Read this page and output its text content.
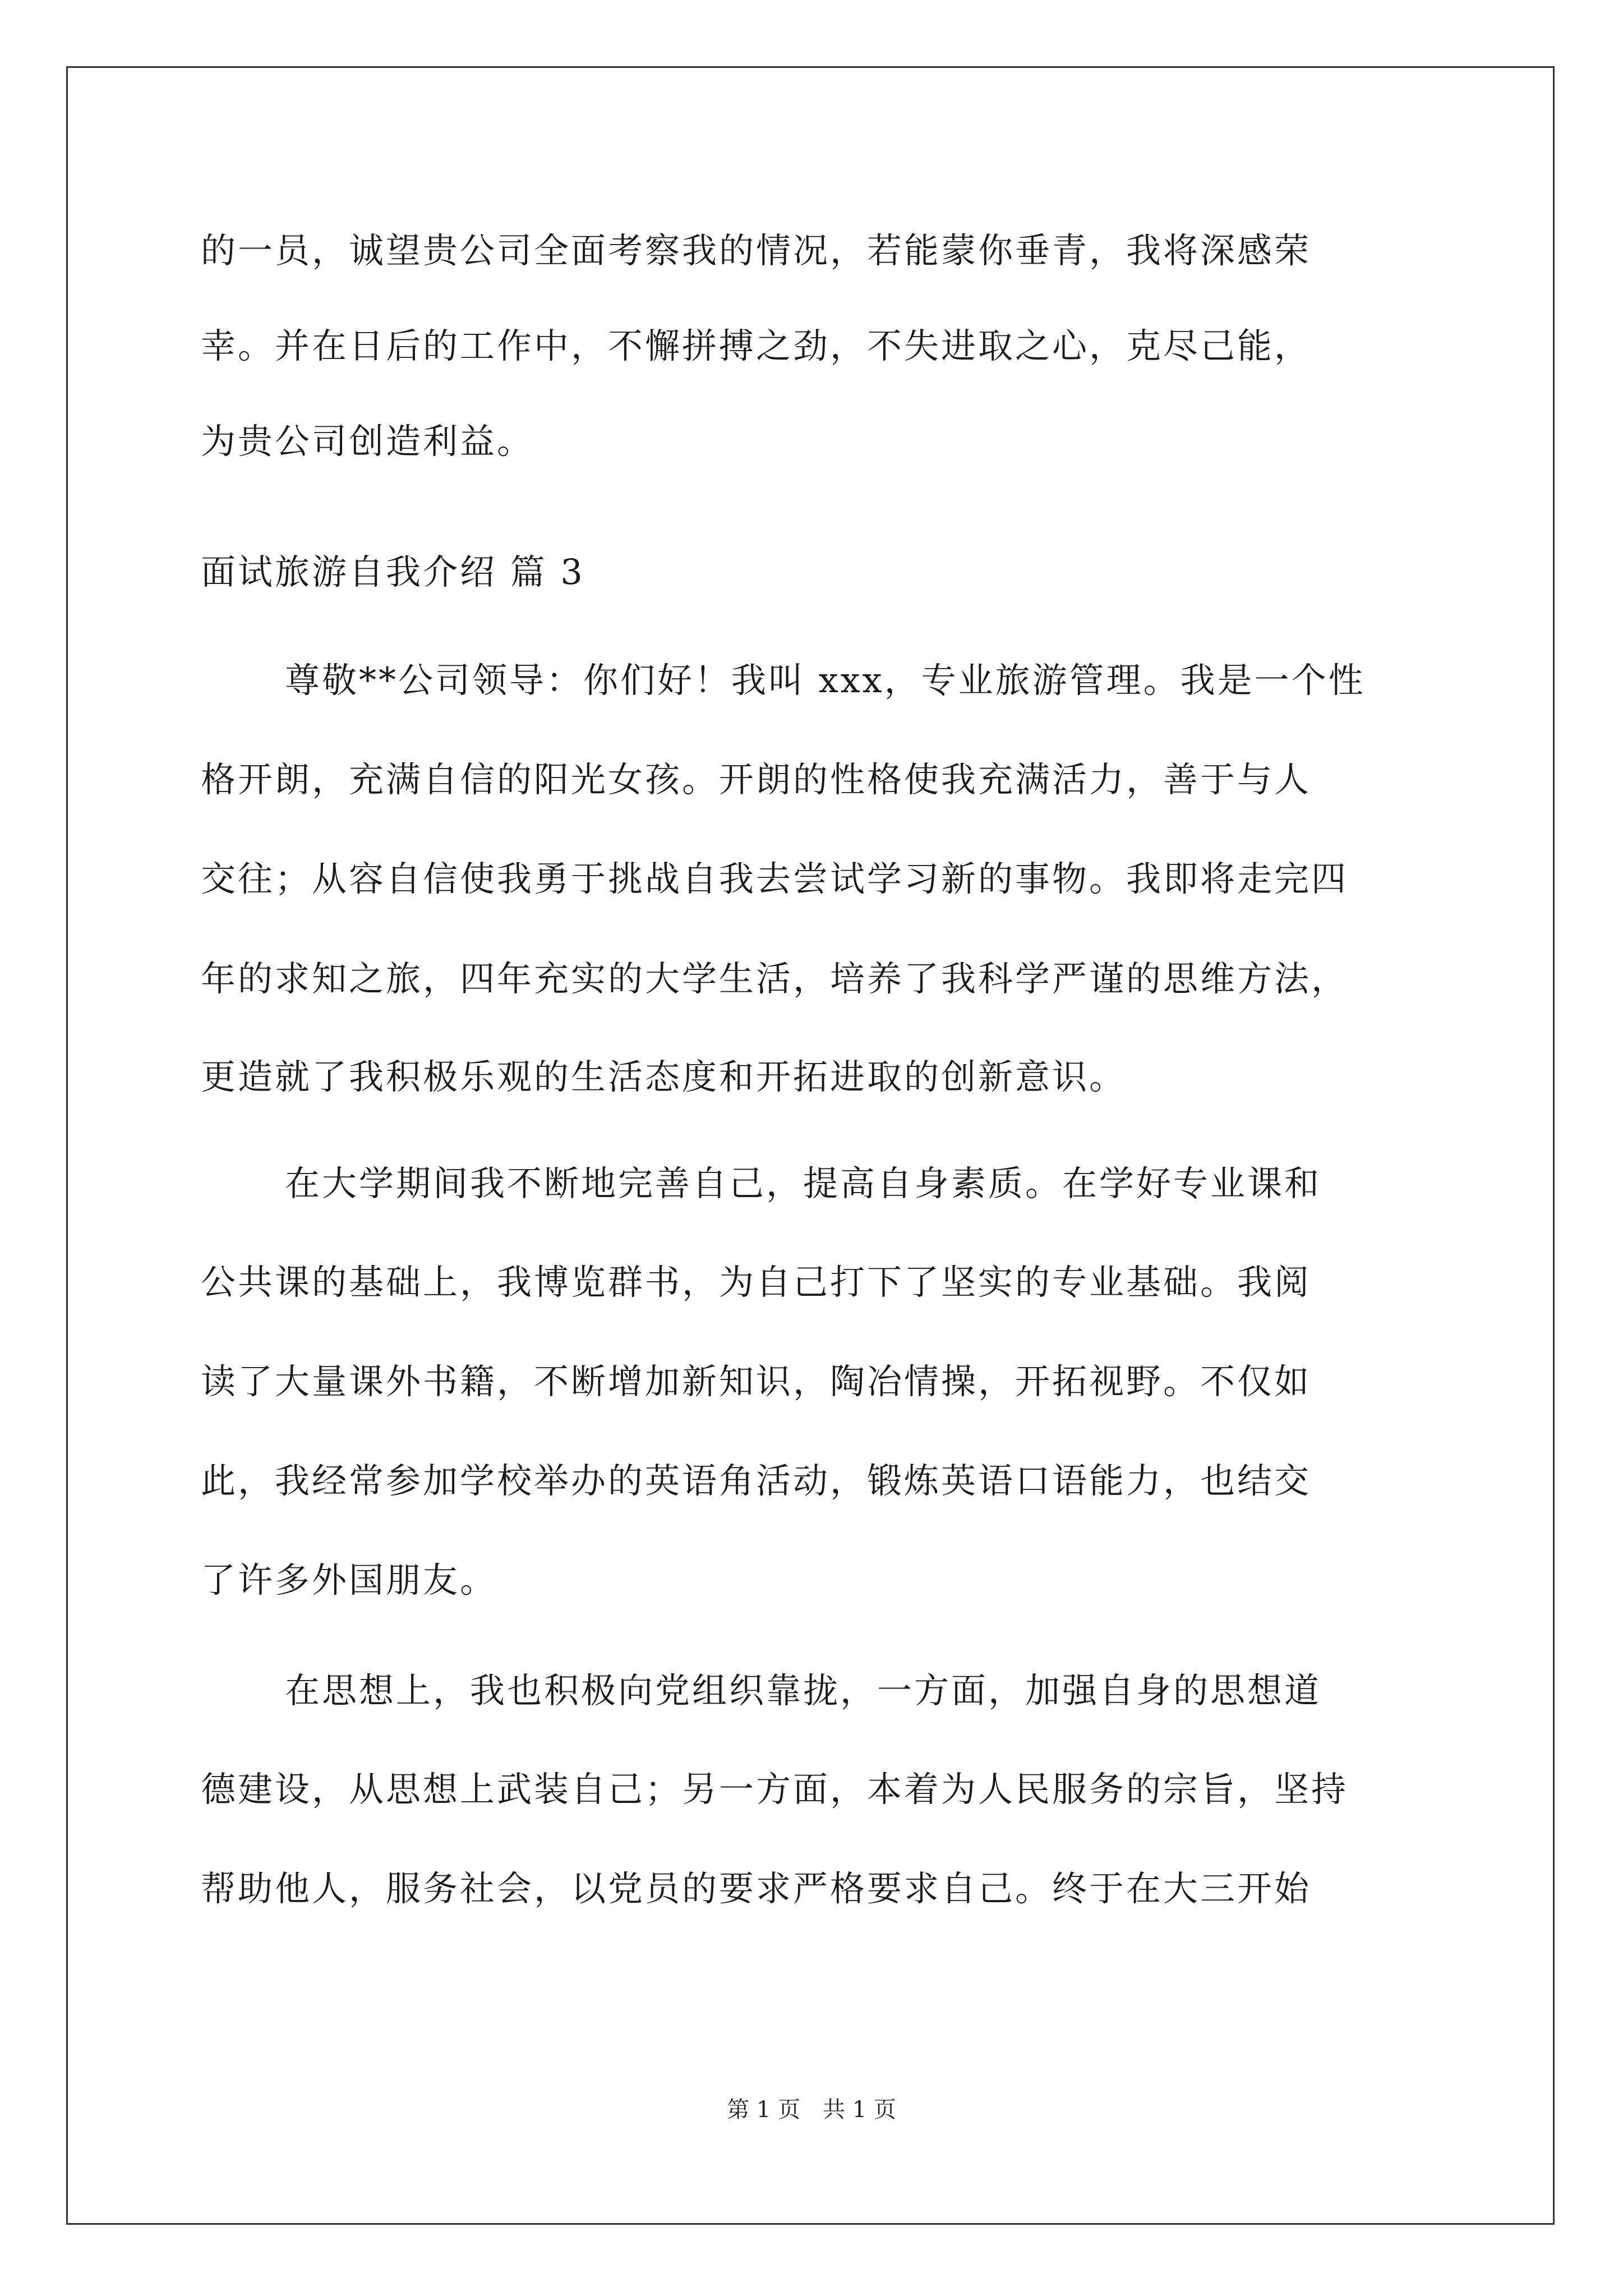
的一员，诚望贵公司全面考察我的情况，若能蒙你垂青，我将深感荣
幸。并在日后的工作中，不懈拼搏之劲，不失进取之心，克尽己能，
为贵公司创造利益。
面试旅游自我介绍 篇 3
尊敬**公司领导：你们好！我叫 xxx，专业旅游管理。我是一个性
格开朗，充满自信的阳光女孩。开朗的性格使我充满活力，善于与人
交往；从容自信使我勇于挑战自我去尝试学习新的事物。我即将走完四
年的求知之旅，四年充实的大学生活，培养了我科学严谨的思维方法，
更造就了我积极乐观的生活态度和开拓进取的创新意识。
在大学期间我不断地完善自己，提高自身素质。在学好专业课和
公共课的基础上，我博览群书，为自己打下了坚实的专业基础。我阅
读了大量课外书籍，不断增加新知识，陶冶情操，开拓视野。不仅如
此，我经常参加学校举办的英语角活动，锻炼英语口语能力，也结交
了许多外国朋友。
在思想上，我也积极向党组织靠拢，一方面，加强自身的思想道
德建设，从思想上武装自己；另一方面，本着为人民服务的宗旨，坚持
帮助他人，服务社会，以党员的要求严格要求自己。终于在大三开始
第 1 页　共 1 页
